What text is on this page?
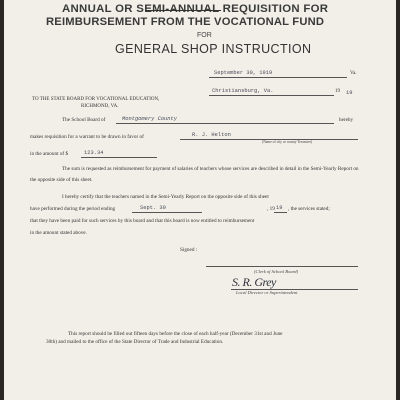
ANNUAL OR SEMI-ANNUAL REQUISITION FOR
REIMBURSEMENT FROM THE VOCATIONAL FUND
FOR
GENERAL SHOP INSTRUCTION
September 30, 1919	Va.
Christiansburg, Va.	19 19
TO THE STATE BOARD FOR VOCATIONAL EDUCATION,
RICHMOND, VA.
The School Board of	Montgomery County	hereby
makes requisition for a warrant to be drawn in favor of	R. J. Helton
(Name of city or county Treasurer)
in the amount of $	123.34
The sum is requested as reimbursement for payment of salaries of teachers whose services are described in detail in the Semi-Yearly Report on the opposite side of this sheet.
I hereby certify that the teachers named in the Semi-Yearly Report on the opposite side of this sheet
have performed during the period ending	Sept. 30	, 19 19 , the services stated;
that they have been paid for such services by this board and that this board is now entitled to reimbursement
in the amount stated above.
Signed :
(Clerk of School Board)
S. R. Grey
Local Director or Superintendent
This report should be filled out fifteen days before the close of each half-year (December 31st and June
30th) and mailed to the office of the State Director of Trade and Industrial Education.
